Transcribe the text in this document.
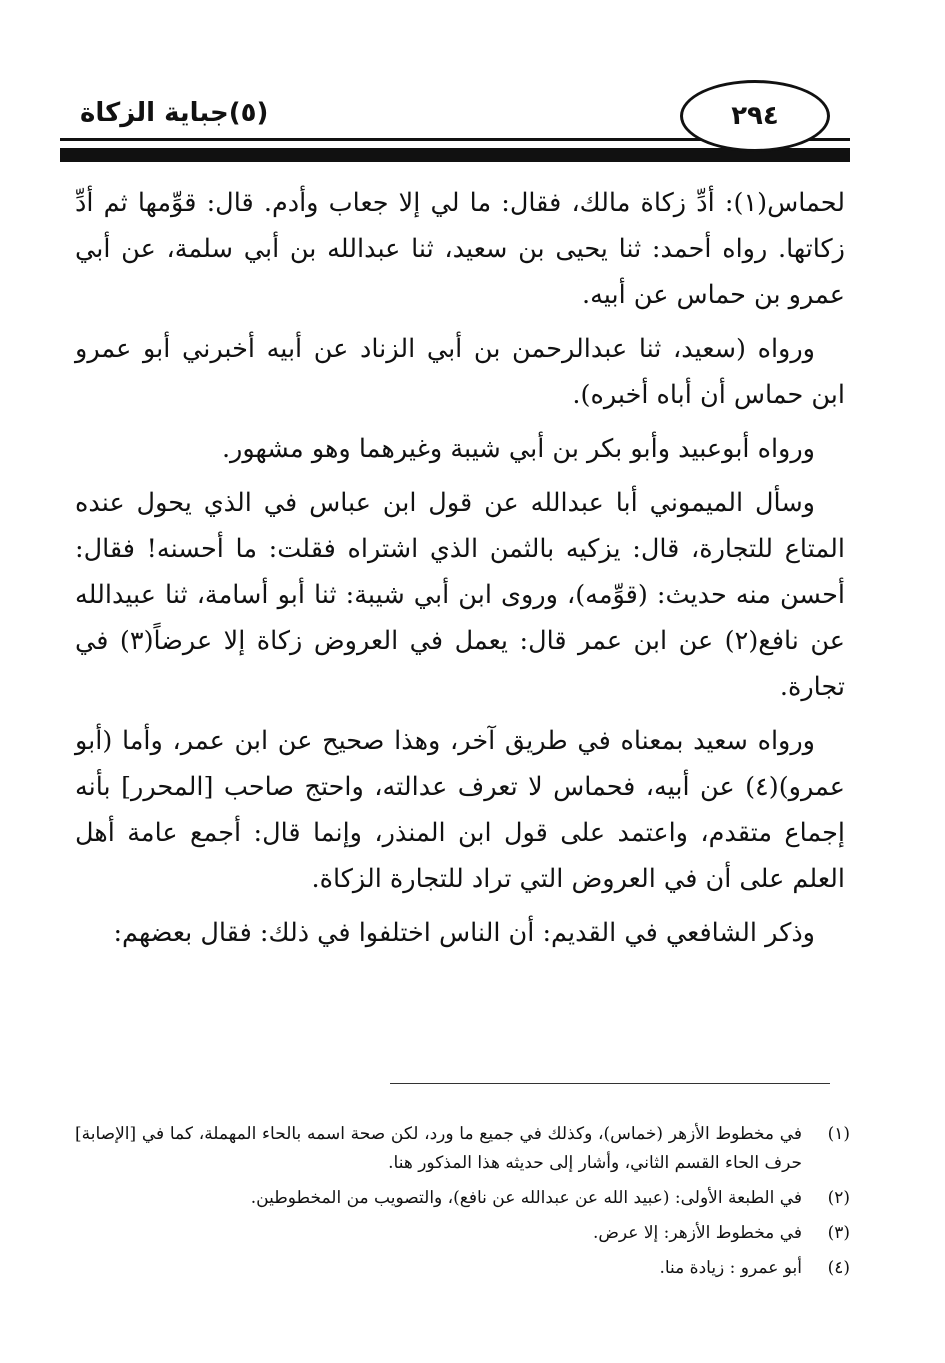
(٥)جباية الزكاة	٢٩٤

لحماس(١): أدِّ زكاة مالك، فقال: ما لي إلا جعاب وأدم. قال: قوِّمها ثم أدِّ زكاتها. رواه أحمد: ثنا يحيى بن سعيد، ثنا عبدالله بن أبي سلمة، عن أبي عمرو بن حماس عن أبيه.

ورواه (سعيد، ثنا عبدالرحمن بن أبي الزناد عن أبيه أخبرني أبو عمرو ابن حماس أن أباه أخبره).

ورواه أبوعبيد وأبو بكر بن أبي شيبة وغيرهما وهو مشهور.

وسأل الميموني أبا عبدالله عن قول ابن عباس في الذي يحول عنده المتاع للتجارة، قال: يزكيه بالثمن الذي اشتراه فقلت: ما أحسنه! فقال: أحسن منه حديث: (قوِّمه)، وروى ابن أبي شيبة: ثنا أبو أسامة، ثنا عبيدالله عن نافع(٢) عن ابن عمر قال: يعمل في العروض زكاة إلا عرضاً(٣) في تجارة.

ورواه سعيد بمعناه في طريق آخر، وهذا صحيح عن ابن عمر، وأما (أبو عمرو)(٤) عن أبيه، فحماس لا تعرف عدالته، واحتج صاحب [المحرر] بأنه إجماع متقدم، واعتمد على قول ابن المنذر، وإنما قال: أجمع عامة أهل العلم على أن في العروض التي تراد للتجارة الزكاة.

وذكر الشافعي في القديم: أن الناس اختلفوا في ذلك: فقال بعضهم:

(١)
في مخطوط الأزهر (خماس)، وكذلك في جميع ما ورد، لكن صحة اسمه بالحاء المهملة، كما في [الإصابة] حرف الحاء القسم الثاني، وأشار إلى حديثه هذا المذكور هنا.
(٢)
في الطبعة الأولى: (عبيد الله عن عبدالله عن نافع)، والتصويب من المخطوطين.
(٣)
في مخطوط الأزهر: إلا عرض.
(٤)
أبو عمرو : زيادة منا.
